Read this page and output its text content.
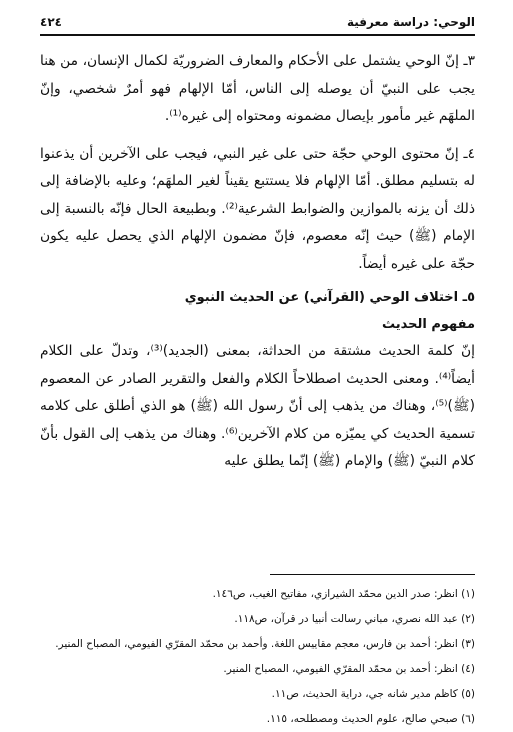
الوحي: دراسة معرفية
٤٢٤

٣ـ إنّ الوحي يشتمل على الأحكام والمعارف الضروريّة لكمال الإنسان، من هنا يجب على النبيّ أن يوصله إلى الناس، أمّا الإلهام فهو أمرٌ شخصي، وإنّ الملهَم غير مأمور بإيصال مضمونه ومحتواه إلى غيره⁽¹⁾.

٤ـ إنّ محتوى الوحي حجّة حتى على غير النبي، فيجب على الآخرين أن يذعنوا له بتسليم مطلق. أمّا الإلهام فلا يستتبع يقيناً لغير الملهَم؛ وعليه بالإضافة إلى ذلك أن يزنه بالموازين والضوابط الشرعية⁽²⁾. وبطبيعة الحال فإنّه بالنسبة إلى الإمام (ﷺ) حيث إنّه معصوم، فإنّ مضمون الإلهام الذي يحصل عليه يكون حجّة على غيره أيضاً.

٥ـ اختلاف الوحي (القرآني) عن الحديث النبوي
مفهوم الحديث

إنّ كلمة الحديث مشتقة من الحداثة، بمعنى (الجديد)⁽³⁾، وتدلّ على الكلام أيضاً⁽⁴⁾. ومعنى الحديث اصطلاحاً الكلام والفعل والتقرير الصادر عن المعصوم (ﷺ)⁽⁵⁾، وهناك من يذهب إلى أنّ رسول الله (ﷺ) هو الذي أطلق على كلامه تسمية الحديث كي يميّزه من كلام الآخرين⁽⁶⁾. وهناك من يذهب إلى القول بأنّ كلام النبيّ (ﷺ) والإمام (ﷺ) إنّما يطلق عليه

(١) انظر: صدر الدين محمّد الشيرازي، مفاتيح الغيب، ص١٤٦.
(٢) عبد الله نصري، مباني رسالت أنبيا در قرآن، ص١١٨.
(٣) انظر: أحمد بن فارس، معجم مقاييس اللغة. وأحمد بن محمّد المقرّي الفيومي، المصباح المنير.
(٤) انظر: أحمد بن محمّد المقرّي الفيومي، المصباح المنير.
(٥) كاظم مدير شانه جي، دراية الحديث، ص١١.
(٦) صبحي صالح، علوم الحديث ومصطلحه، ١١٥.
